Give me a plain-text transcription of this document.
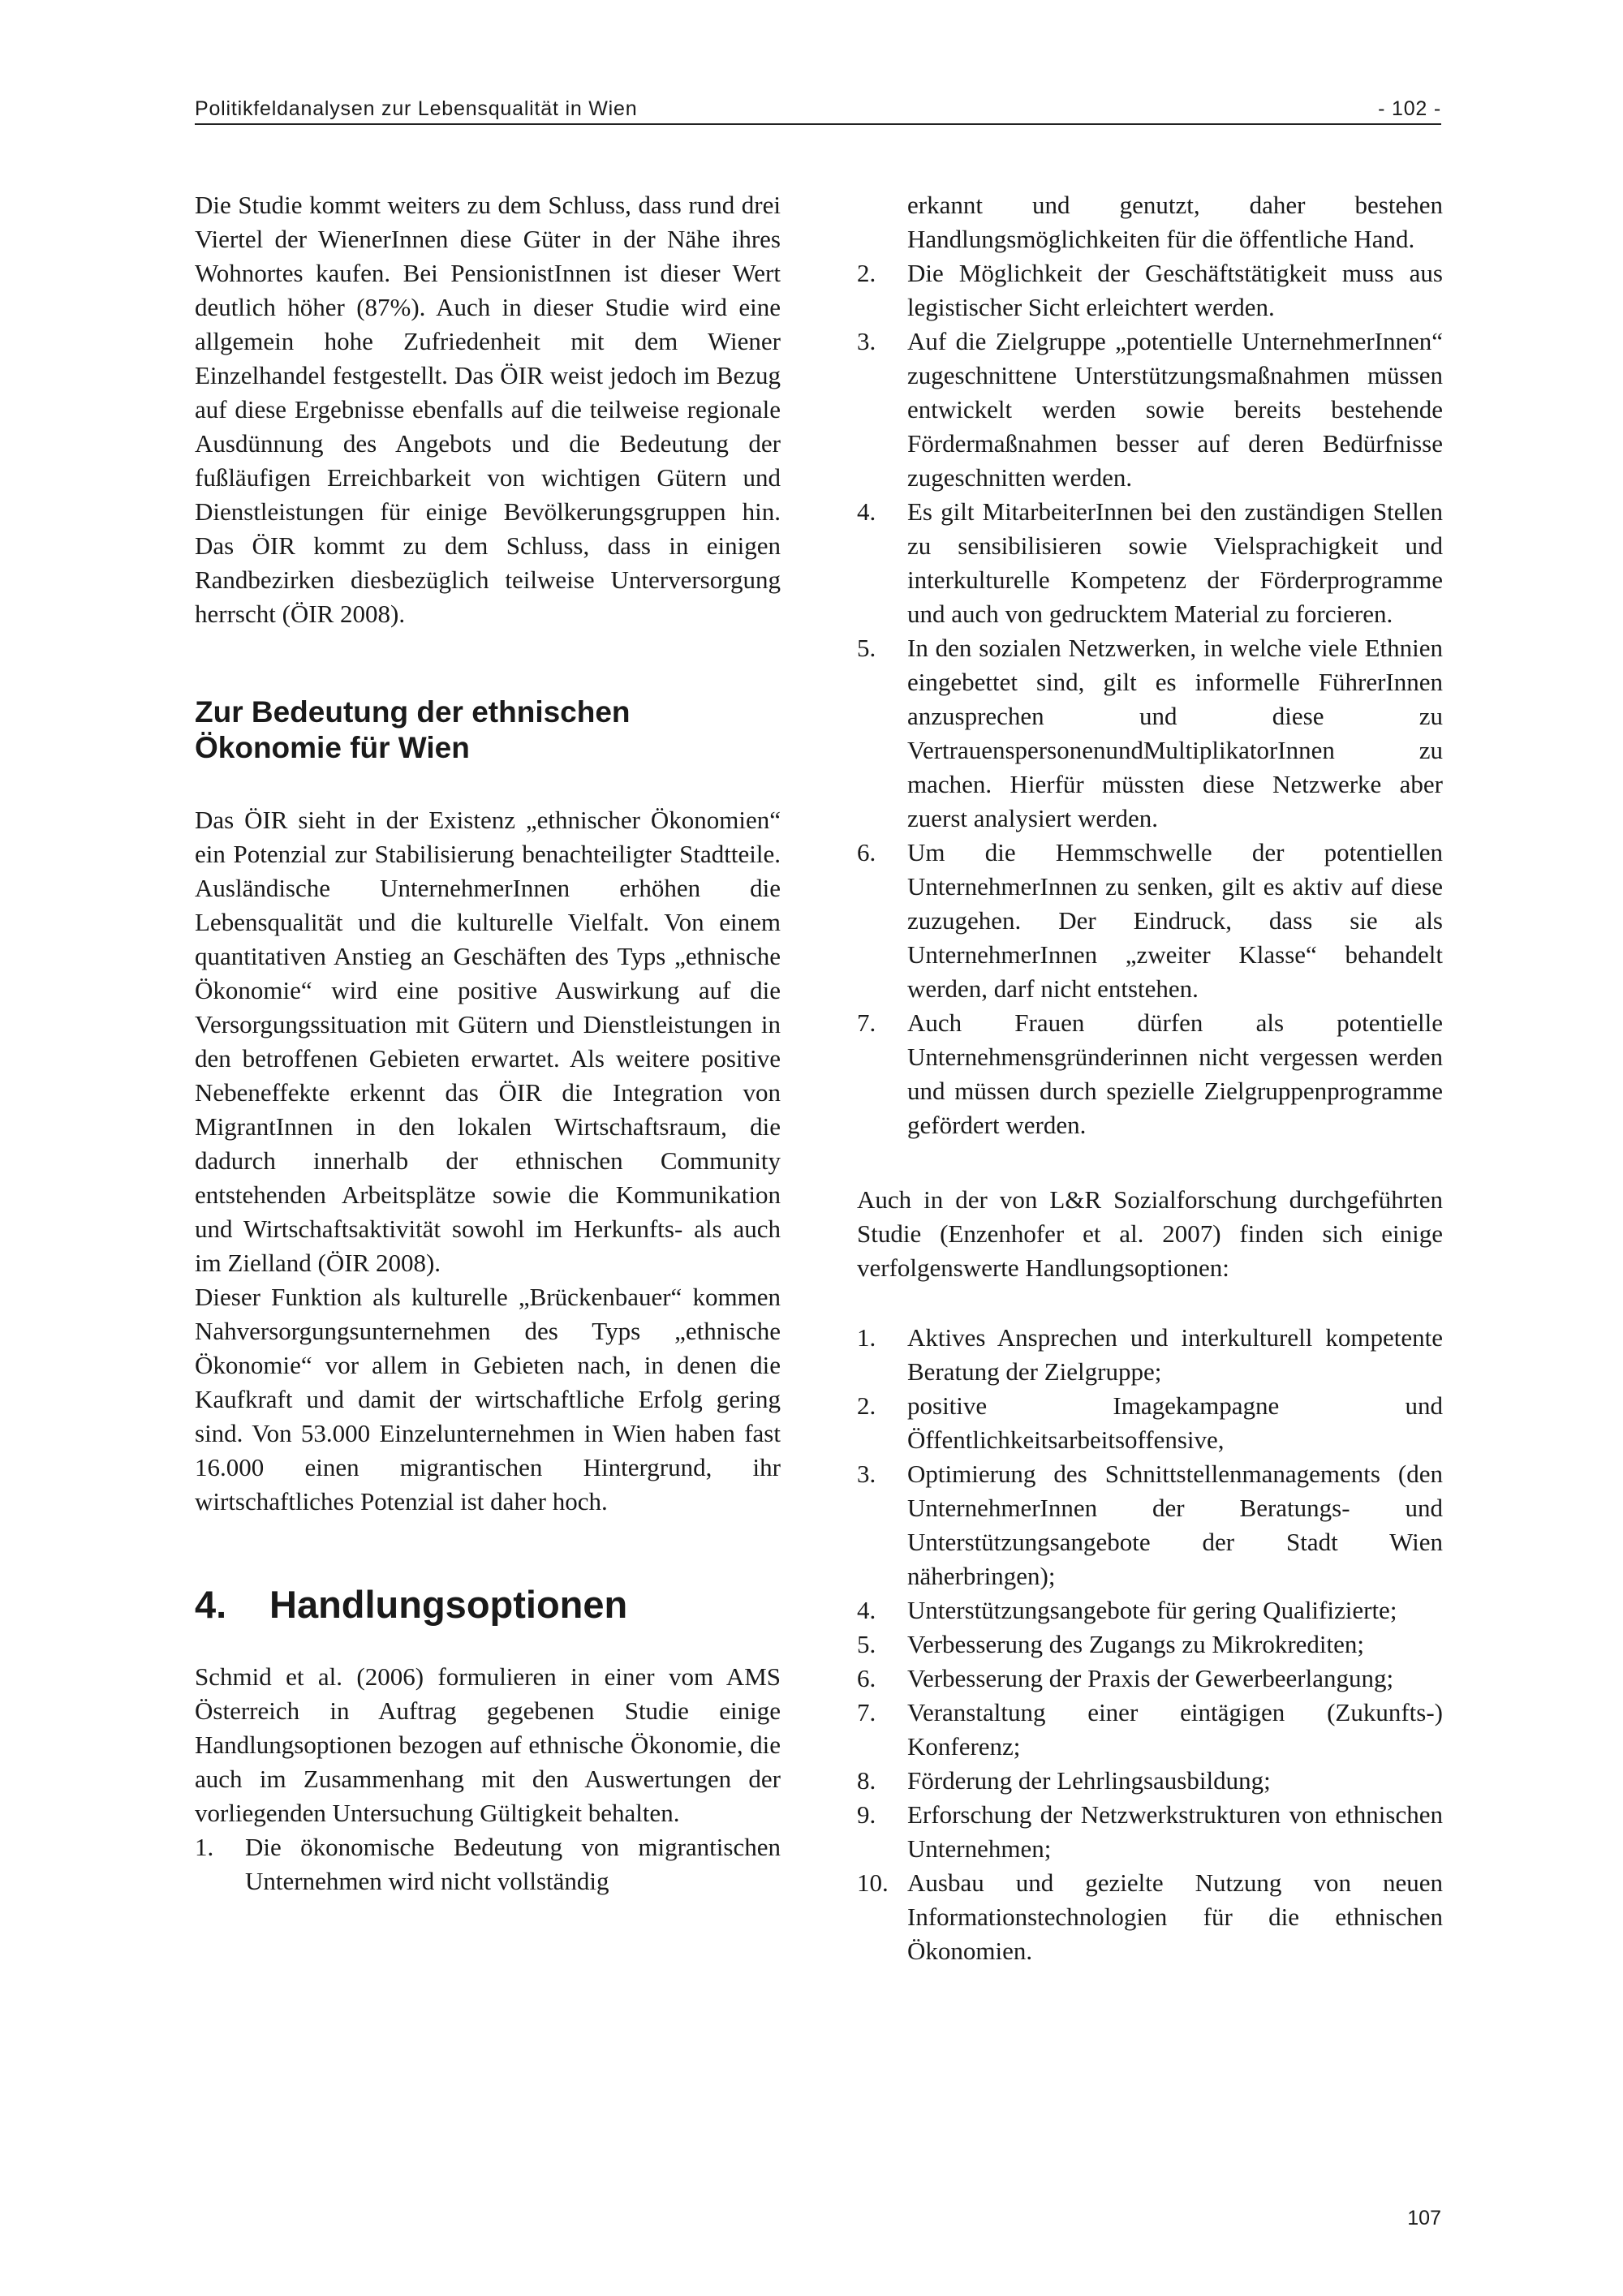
Politikfeldanalysen zur Lebensqualität in Wien	- 102 -

Die Studie kommt weiters zu dem Schluss, dass rund drei Viertel der WienerInnen diese Güter in der Nähe ihres Wohnortes kaufen. Bei PensionistInnen ist dieser Wert deutlich höher (87%). Auch in dieser Studie wird eine allgemein hohe Zufriedenheit mit dem Wiener Einzelhandel festgestellt. Das ÖIR weist jedoch im Bezug auf diese Ergebnisse ebenfalls auf die teilweise regionale Ausdünnung des Angebots und die Bedeutung der fußläufigen Erreichbarkeit von wichtigen Gütern und Dienstleistungen für einige Bevölkerungsgruppen hin. Das ÖIR kommt zu dem Schluss, dass in einigen Randbezirken diesbezüglich teilweise Unterversorgung herrscht (ÖIR 2008).

Zur Bedeutung der ethnischen
Ökonomie für Wien

Das ÖIR sieht in der Existenz „ethnischer Ökonomien“ ein Potenzial zur Stabilisierung benachteiligter Stadtteile. Ausländische UnternehmerInnen erhöhen die Lebensqualität und die kulturelle Vielfalt. Von einem quantitativen Anstieg an Geschäften des Typs „ethnische Ökonomie“ wird eine positive Auswirkung auf die Versorgungssituation mit Gütern und Dienstleistungen in den betroffenen Gebieten erwartet. Als weitere positive Nebeneffekte erkennt das ÖIR die Integration von MigrantInnen in den lokalen Wirtschaftsraum, die dadurch innerhalb der ethnischen Community entstehenden Arbeitsplätze sowie die Kommunikation und Wirtschaftsaktivität sowohl im Herkunfts- als auch im Zielland (ÖIR 2008).

Dieser Funktion als kulturelle „Brückenbauer“ kommen Nahversorgungsunternehmen des Typs „ethnische Ökonomie“ vor allem in Gebieten nach, in denen die Kaufkraft und damit der wirtschaftliche Erfolg gering sind. Von 53.000 Einzelunternehmen in Wien haben fast 16.000 einen migrantischen Hintergrund, ihr wirtschaftliches Potenzial ist daher hoch.

4. Handlungsoptionen

Schmid et al. (2006) formulieren in einer vom AMS Österreich in Auftrag gegebenen Studie einige Handlungsoptionen bezogen auf ethnische Ökonomie, die auch im Zusammenhang mit den Auswertungen der vorliegenden Untersuchung Gültigkeit behalten.

1. Die ökonomische Bedeutung von migrantischen Unternehmen wird nicht vollständig
erkannt und genutzt, daher bestehen Handlungsmöglichkeiten für die öffentliche Hand.
2. Die Möglichkeit der Geschäftstätigkeit muss aus legistischer Sicht erleichtert werden.
3. Auf die Zielgruppe „potentielle UnternehmerInnen“ zugeschnittene Unterstützungsmaßnahmen müssen entwickelt werden sowie bereits bestehende Fördermaßnahmen besser auf deren Bedürfnisse zugeschnitten werden.
4. Es gilt MitarbeiterInnen bei den zuständigen Stellen zu sensibilisieren sowie Vielsprachigkeit und interkulturelle Kompetenz der Förderprogramme und auch von gedrucktem Material zu forcieren.
5. In den sozialen Netzwerken, in welche viele Ethnien eingebettet sind, gilt es informelle FührerInnen anzusprechen und diese zu VertrauenspersonenundMultiplikatorInnen zu machen. Hierfür müssten diese Netzwerke aber zuerst analysiert werden.
6. Um die Hemmschwelle der potentiellen UnternehmerInnen zu senken, gilt es aktiv auf diese zuzugehen. Der Eindruck, dass sie als UnternehmerInnen „zweiter Klasse“ behandelt werden, darf nicht entstehen.
7. Auch Frauen dürfen als potentielle Unternehmensgründerinnen nicht vergessen werden und müssen durch spezielle Zielgruppenprogramme gefördert werden.

Auch in der von L&R Sozialforschung durchgeführten Studie (Enzenhofer et al. 2007) finden sich einige verfolgenswerte Handlungsoptionen:

1. Aktives Ansprechen und interkulturell kompetente Beratung der Zielgruppe;
2. positive Imagekampagne und Öffentlichkeitsarbeitsoffensive,
3. Optimierung des Schnittstellenmanagements (den UnternehmerInnen der Beratungs- und Unterstützungsangebote der Stadt Wien näherbringen);
4. Unterstützungsangebote für gering Qualifizierte;
5. Verbesserung des Zugangs zu Mikrokrediten;
6. Verbesserung der Praxis der Gewerbeerlangung;
7. Veranstaltung einer eintägigen (Zukunfts-) Konferenz;
8. Förderung der Lehrlingsausbildung;
9. Erforschung der Netzwerkstrukturen von ethnischen Unternehmen;
10. Ausbau und gezielte Nutzung von neuen Informationstechnologien für die ethnischen Ökonomien.
107
